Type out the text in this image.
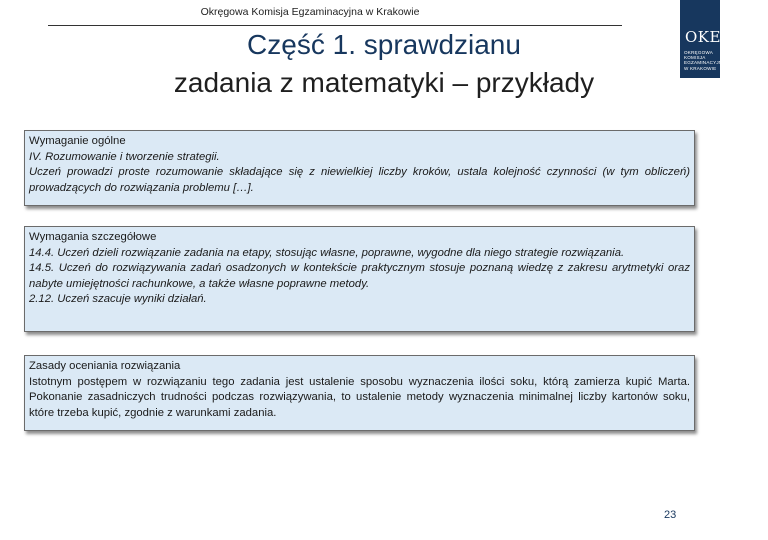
Okręgowa Komisja Egzaminacyjna w Krakowie
OKE
OKRĘGOWA KOMISJA EGZAMINACYJNA W KRAKOWIE
Część 1. sprawdzianu
zadania z matematyki – przykłady
Wymaganie ogólne
IV. Rozumowanie i tworzenie strategii.
Uczeń prowadzi proste rozumowanie składające się z niewielkiej liczby kroków, ustala kolejność czynności (w tym obliczeń) prowadzących do rozwiązania problemu […].
Wymagania szczegółowe
14.4. Uczeń dzieli rozwiązanie zadania na etapy, stosując własne, poprawne, wygodne dla niego strategie rozwiązania.
14.5. Uczeń do rozwiązywania zadań osadzonych w kontekście praktycznym stosuje poznaną wiedzę z zakresu arytmetyki oraz nabyte umiejętności rachunkowe, a także własne poprawne metody.
2.12. Uczeń szacuje wyniki działań.
Zasady oceniania rozwiązania
Istotnym postępem w rozwiązaniu tego zadania jest ustalenie sposobu wyznaczenia ilości soku, którą zamierza kupić Marta. Pokonanie zasadniczych trudności podczas rozwiązywania, to ustalenie metody wyznaczenia minimalnej liczby kartonów soku, które trzeba kupić, zgodnie z warunkami zadania.
23
